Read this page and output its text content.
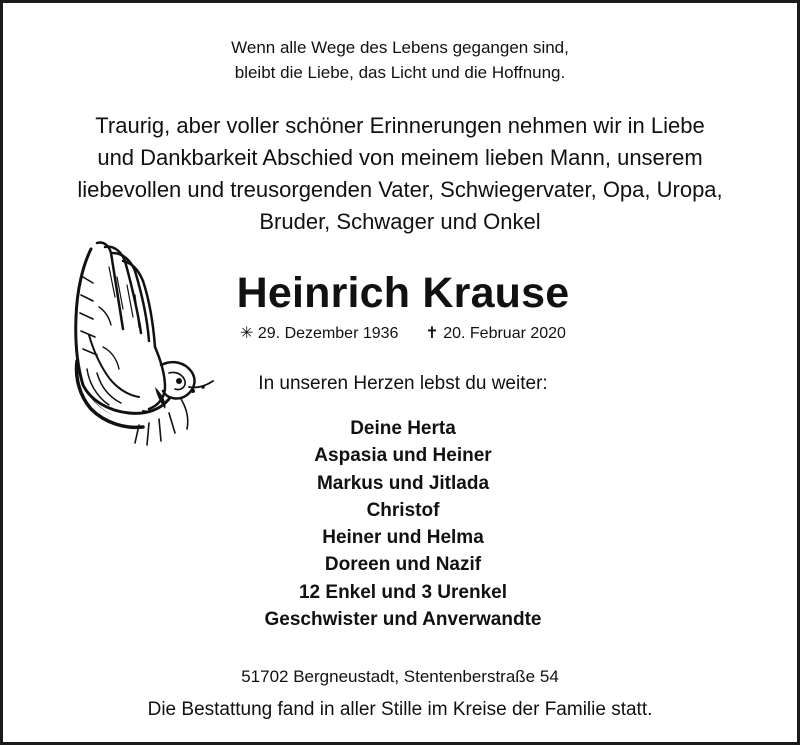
Wenn alle Wege des Lebens gegangen sind,
bleibt die Liebe, das Licht und die Hoffnung.
Traurig, aber voller schöner Erinnerungen nehmen wir in Liebe
und Dankbarkeit Abschied von meinem lieben Mann, unserem
liebevollen und treusorgenden Vater, Schwiegervater, Opa, Uropa,
Bruder, Schwager und Onkel
Heinrich Krause
✳ 29. Dezember 1936 ✝ 20. Februar 2020
In unseren Herzen lebst du weiter:
Deine Herta
Aspasia und Heiner
Markus und Jitlada
Christof
Heiner und Helma
Doreen und Nazif
12 Enkel und 3 Urenkel
Geschwister und Anverwandte
51702 Bergneustadt, Stentenberstraße 54
Die Bestattung fand in aller Stille im Kreise der Familie statt.
